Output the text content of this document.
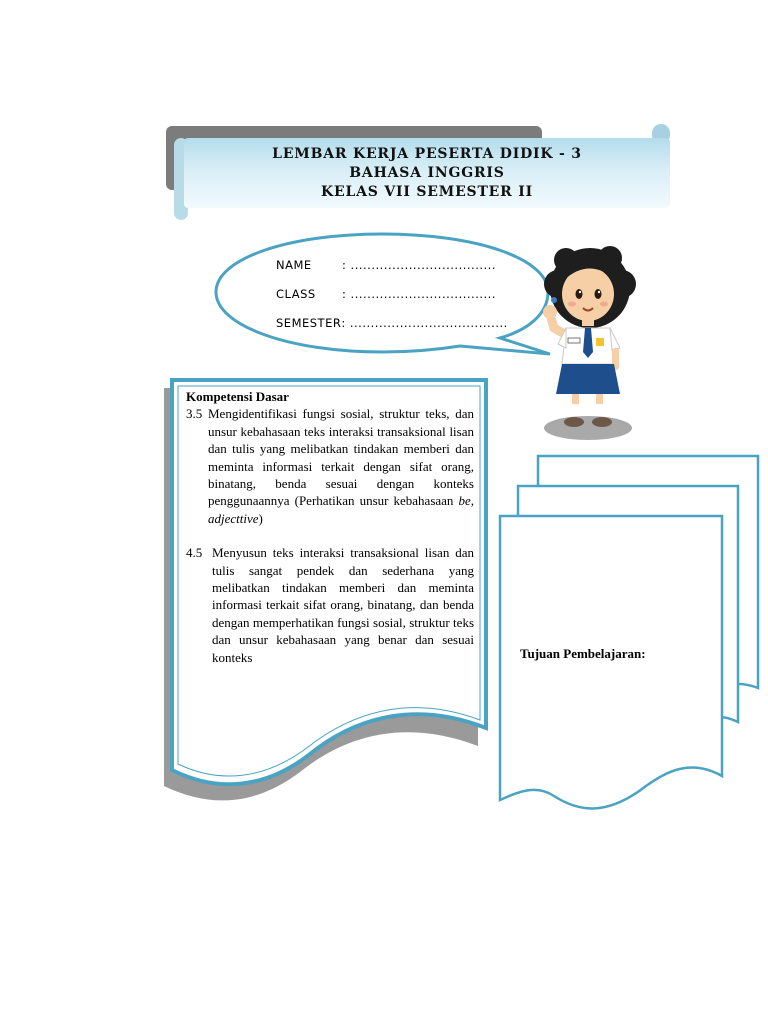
LEMBAR KERJA PESERTA DIDIK - 3
BAHASA INGGRIS
KELAS VII SEMESTER II
NAME	: ...................................
CLASS	: ...................................
SEMESTER : ......................................
Kompetensi Dasar
3.5 Mengidentifikasi fungsi sosial, struktur teks, dan unsur kebahasaan teks interaksi transaksional lisan dan tulis yang melibatkan tindakan memberi dan meminta informasi terkait dengan sifat orang, binatang, benda sesuai dengan konteks penggunaannya (Perhatikan unsur kebahasaan be, adjecttive)
4.5 Menyusun teks interaksi transaksional lisan dan tulis sangat pendek dan sederhana yang melibatkan tindakan memberi dan meminta informasi terkait sifat orang, binatang, dan benda dengan memperhatikan fungsi sosial, struktur teks dan unsur kebahasaan yang benar dan sesuai konteks	Tujuan Pembelajaran:
